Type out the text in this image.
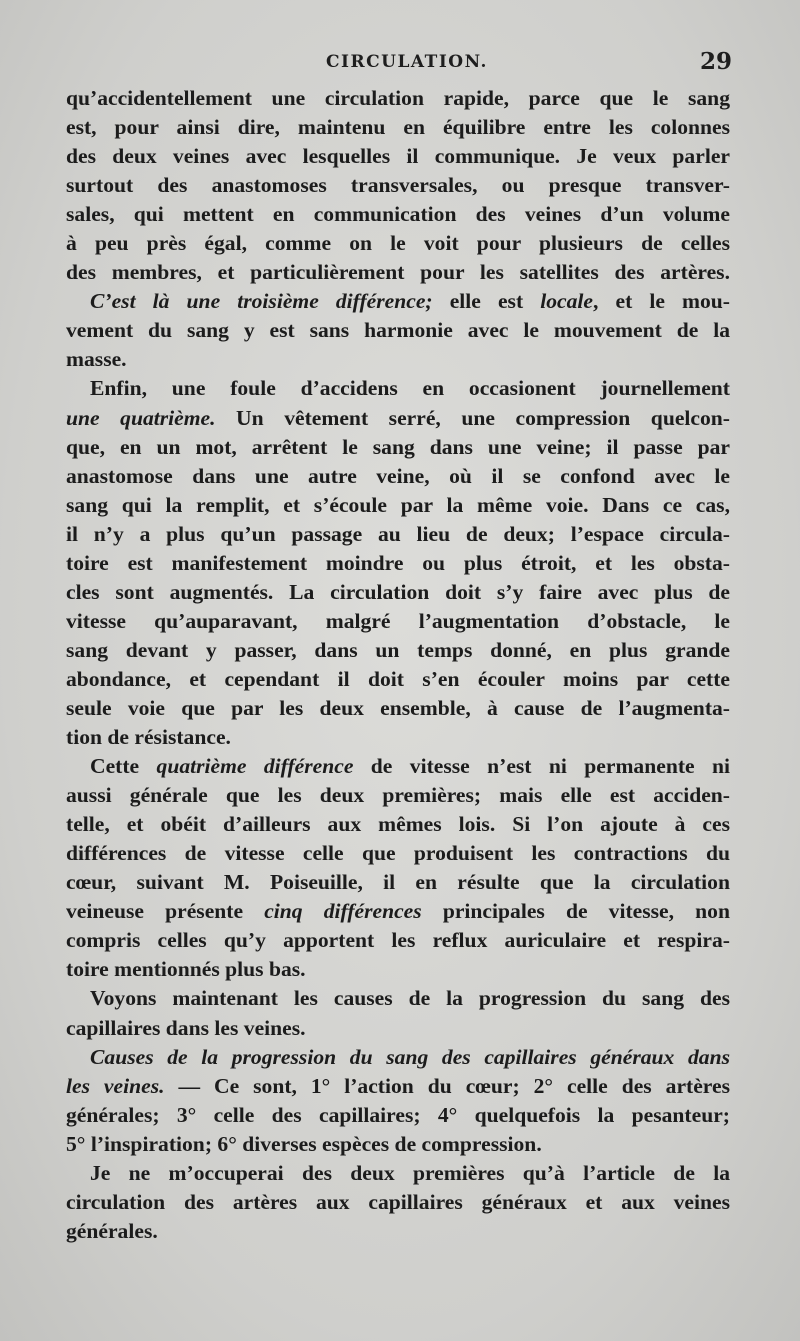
CIRCULATION.	29

qu’accidentellement une circulation rapide, parce que le sang
est, pour ainsi dire, maintenu en équilibre entre les colonnes
des deux veines avec lesquelles il communique. Je veux parler
surtout des anastomoses transversales, ou presque transver-
sales, qui mettent en communication des veines d’un volume
à peu près égal, comme on le voit pour plusieurs de celles
des membres, et particulièrement pour les satellites des artères.

C’est là une troisième différence; elle est locale, et le mou-
vement du sang y est sans harmonie avec le mouvement de la
masse.

Enfin, une foule d’accidens en occasionent journellement
une quatrième. Un vêtement serré, une compression quelcon-
que, en un mot, arrêtent le sang dans une veine; il passe par
anastomose dans une autre veine, où il se confond avec le
sang qui la remplit, et s’écoule par la même voie. Dans ce cas,
il n’y a plus qu’un passage au lieu de deux; l’espace circula-
toire est manifestement moindre ou plus étroit, et les obsta-
cles sont augmentés. La circulation doit s’y faire avec plus de
vitesse qu’auparavant, malgré l’augmentation d’obstacle, le
sang devant y passer, dans un temps donné, en plus grande
abondance, et cependant il doit s’en écouler moins par cette
seule voie que par les deux ensemble, à cause de l’augmenta-
tion de résistance.

Cette quatrième différence de vitesse n’est ni permanente ni
aussi générale que les deux premières; mais elle est acciden-
telle, et obéit d’ailleurs aux mêmes lois. Si l’on ajoute à ces
différences de vitesse celle que produisent les contractions du
cœur, suivant M. Poiseuille, il en résulte que la circulation
veineuse présente cinq différences principales de vitesse, non
compris celles qu’y apportent les reflux auriculaire et respira-
toire mentionnés plus bas.

Voyons maintenant les causes de la progression du sang des
capillaires dans les veines.

Causes de la progression du sang des capillaires généraux dans
les veines. — Ce sont, 1° l’action du cœur; 2° celle des artères
générales; 3° celle des capillaires; 4° quelquefois la pesanteur;
5° l’inspiration; 6° diverses espèces de compression.

Je ne m’occuperai des deux premières qu’à l’article de la
circulation des artères aux capillaires généraux et aux veines
générales.
